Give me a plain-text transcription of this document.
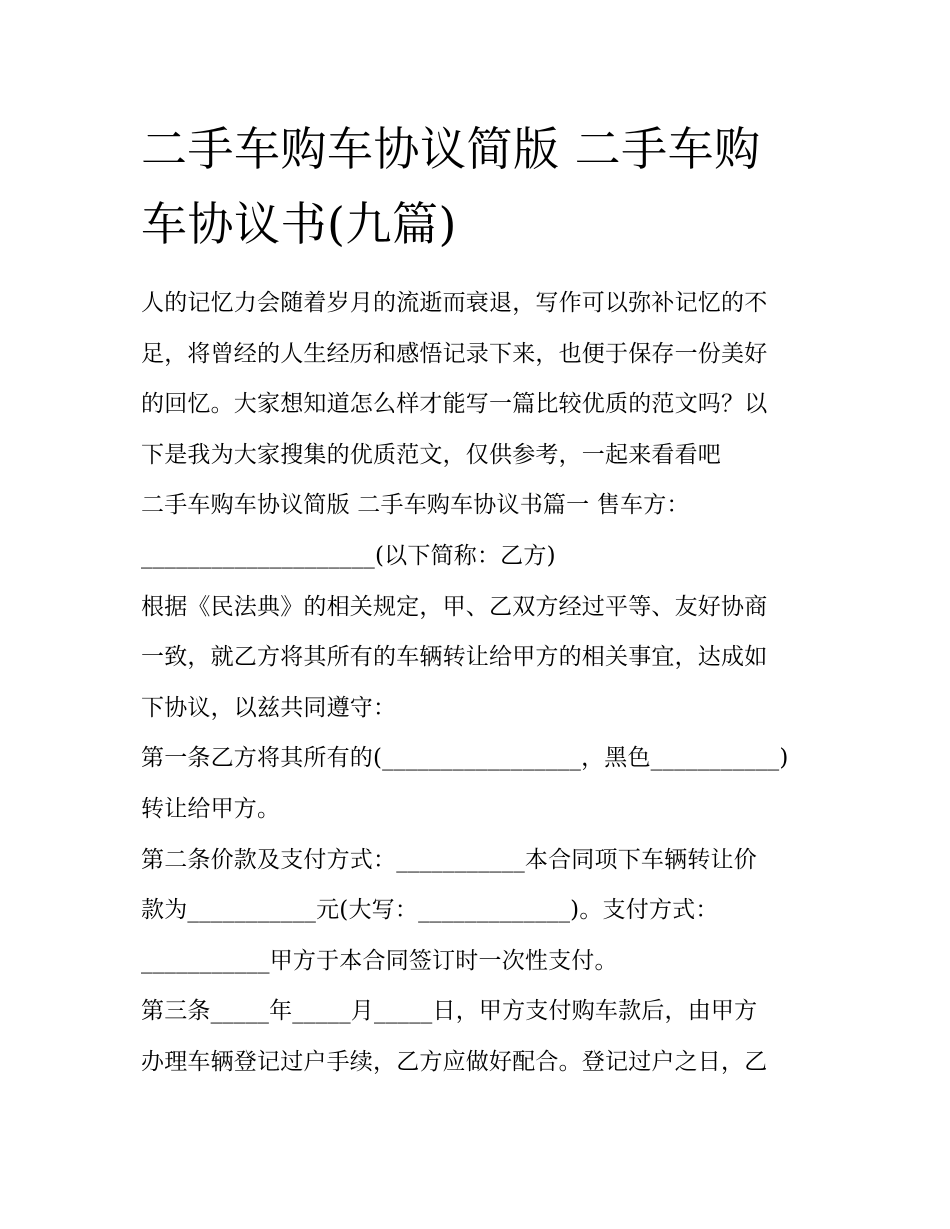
二手车购车协议简版 二手车购
车协议书(九篇)
人的记忆力会随着岁月的流逝而衰退，写作可以弥补记忆的不
足，将曾经的人生经历和感悟记录下来，也便于保存一份美好
的回忆。大家想知道怎么样才能写一篇比较优质的范文吗？以
下是我为大家搜集的优质范文，仅供参考，一起来看看吧
二手车购车协议简版 二手车购车协议书篇一 售车方：
____________________(以下简称：乙方)
根据《民法典》的相关规定，甲、乙双方经过平等、友好协商
一致，就乙方将其所有的车辆转让给甲方的相关事宜，达成如
下协议，以兹共同遵守：
第一条乙方将其所有的(_________________，黑色___________)
转让给甲方。
第二条价款及支付方式：___________本合同项下车辆转让价
款为___________元(大写：_____________)。支付方式：
___________甲方于本合同签订时一次性支付。
第三条_____年_____月_____日，甲方支付购车款后，由甲方
办理车辆登记过户手续，乙方应做好配合。登记过户之日，乙
